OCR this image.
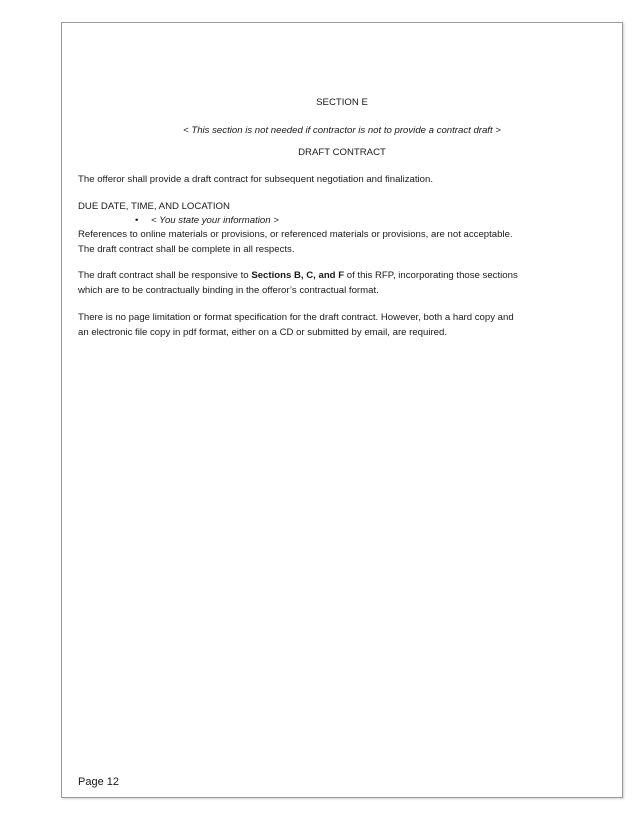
SECTION E
< This section is not needed if contractor is not to provide a contract draft >
DRAFT CONTRACT
The offeror shall provide a draft contract for subsequent negotiation and finalization.
DUE DATE, TIME, AND LOCATION
• < You state your information >
References to online materials or provisions, or referenced materials or provisions, are not acceptable.
The draft contract shall be complete in all respects.
The draft contract shall be responsive to Sections B, C, and F of this RFP, incorporating those sections
which are to be contractually binding in the offeror’s contractual format.
There is no page limitation or format specification for the draft contract. However, both a hard copy and
an electronic file copy in pdf format, either on a CD or submitted by email, are required.
Page 12
